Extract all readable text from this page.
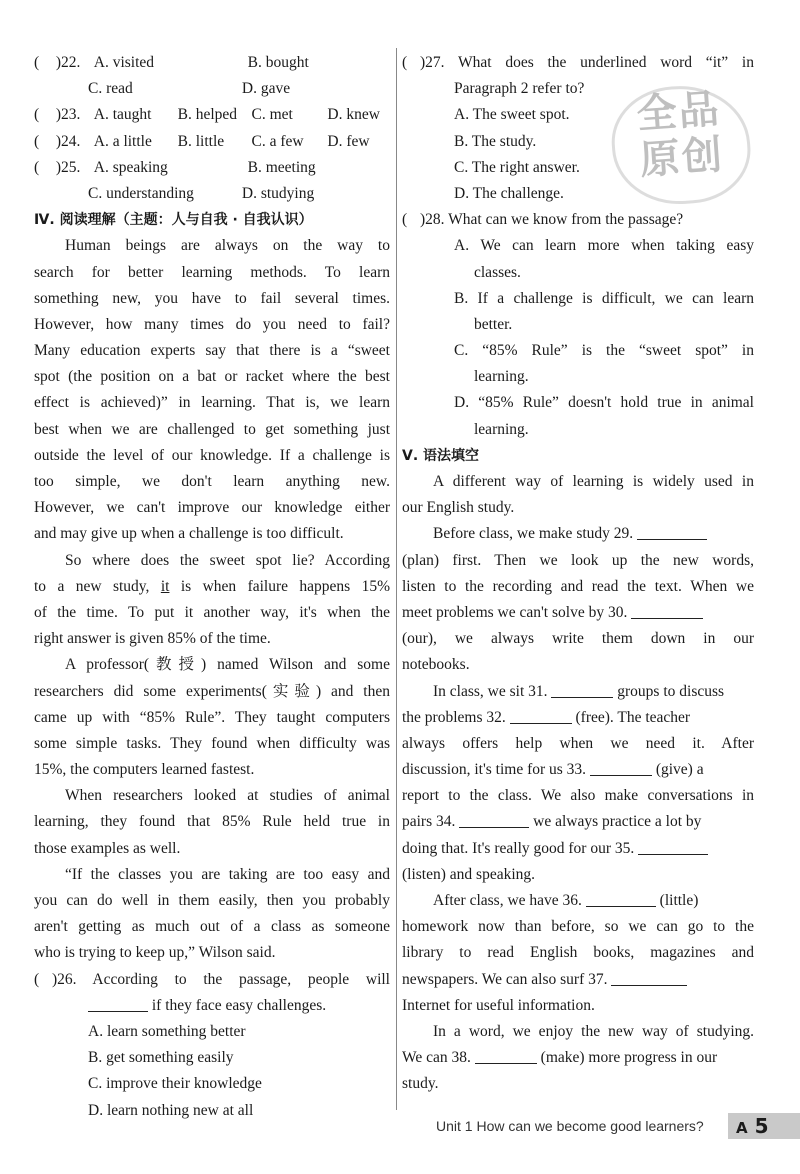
( )22. A. visited	B. bought
C. read	D. gave
( )23. A. taught B. helped C. met D. knew
( )24. A. a little B. little C. a few D. few
( )25. A. speaking	B. meeting
C. understanding	D. studying
Ⅳ. 阅读理解（主题：人与自我 · 自我认识）
Human beings are always on the way to
search for better learning methods. To learn
something new, you have to fail several times.
However, how many times do you need to fail?
Many education experts say that there is a “sweet
spot (the position on a bat or racket where the best
effect is achieved)” in learning. That is, we learn
best when we are challenged to get something just
outside the level of our knowledge. If a challenge is
too simple, we don't learn anything new.
However, we can't improve our knowledge either
and may give up when a challenge is too difficult.
So where does the sweet spot lie? According
to a new study, it is when failure happens 15%
of the time. To put it another way, it's when the
right answer is given 85% of the time.
A professor(教授) named Wilson and some
researchers did some experiments(实验) and then
came up with “85% Rule”. They taught computers
some simple tasks. They found when difficulty was
15%, the computers learned fastest.
When researchers looked at studies of animal
learning, they found that 85% Rule held true in
those examples as well.
“If the classes you are taking are too easy and
you can do well in them easily, then you probably
aren't getting as much out of a class as someone
who is trying to keep up,” Wilson said.
( )26. According to the passage, people will
if they face easy challenges.
A. learn something better
B. get something easily
C. improve their knowledge
D. learn nothing new at all
( )27. What does the underlined word “it” in
Paragraph 2 refer to?
A. The sweet spot.
B. The study.
C. The right answer.
D. The challenge.
( )28. What can we know from the passage?
A. We can learn more when taking easy
classes.
B. If a challenge is difficult, we can learn
better.
C. “85% Rule” is the “sweet spot” in
learning.
D. “85% Rule” doesn't hold true in animal
learning.
Ⅴ. 语法填空
A different way of learning is widely used in
our English study.
Before class, we make study 29.
(plan) first. Then we look up the new words,
listen to the recording and read the text. When we
meet problems we can't solve by 30.
(our), we always write them down in our
notebooks.
In class, we sit 31.	groups to discuss
the problems 32.	(free). The teacher
always offers help when we need it. After
discussion, it's time for us 33.	(give) a
report to the class. We also make conversations in
pairs 34.	we always practice a lot by
doing that. It's really good for our 35.
(listen) and speaking.
After class, we have 36.	(little)
homework now than before, so we can go to the
library to read English books, magazines and
newspapers. We can also surf 37.
Internet for useful information.
In a word, we enjoy the new way of studying.
We can 38.	(make) more progress in our
study.
全品
原创
Unit 1 How can we become good learners?	A 5
